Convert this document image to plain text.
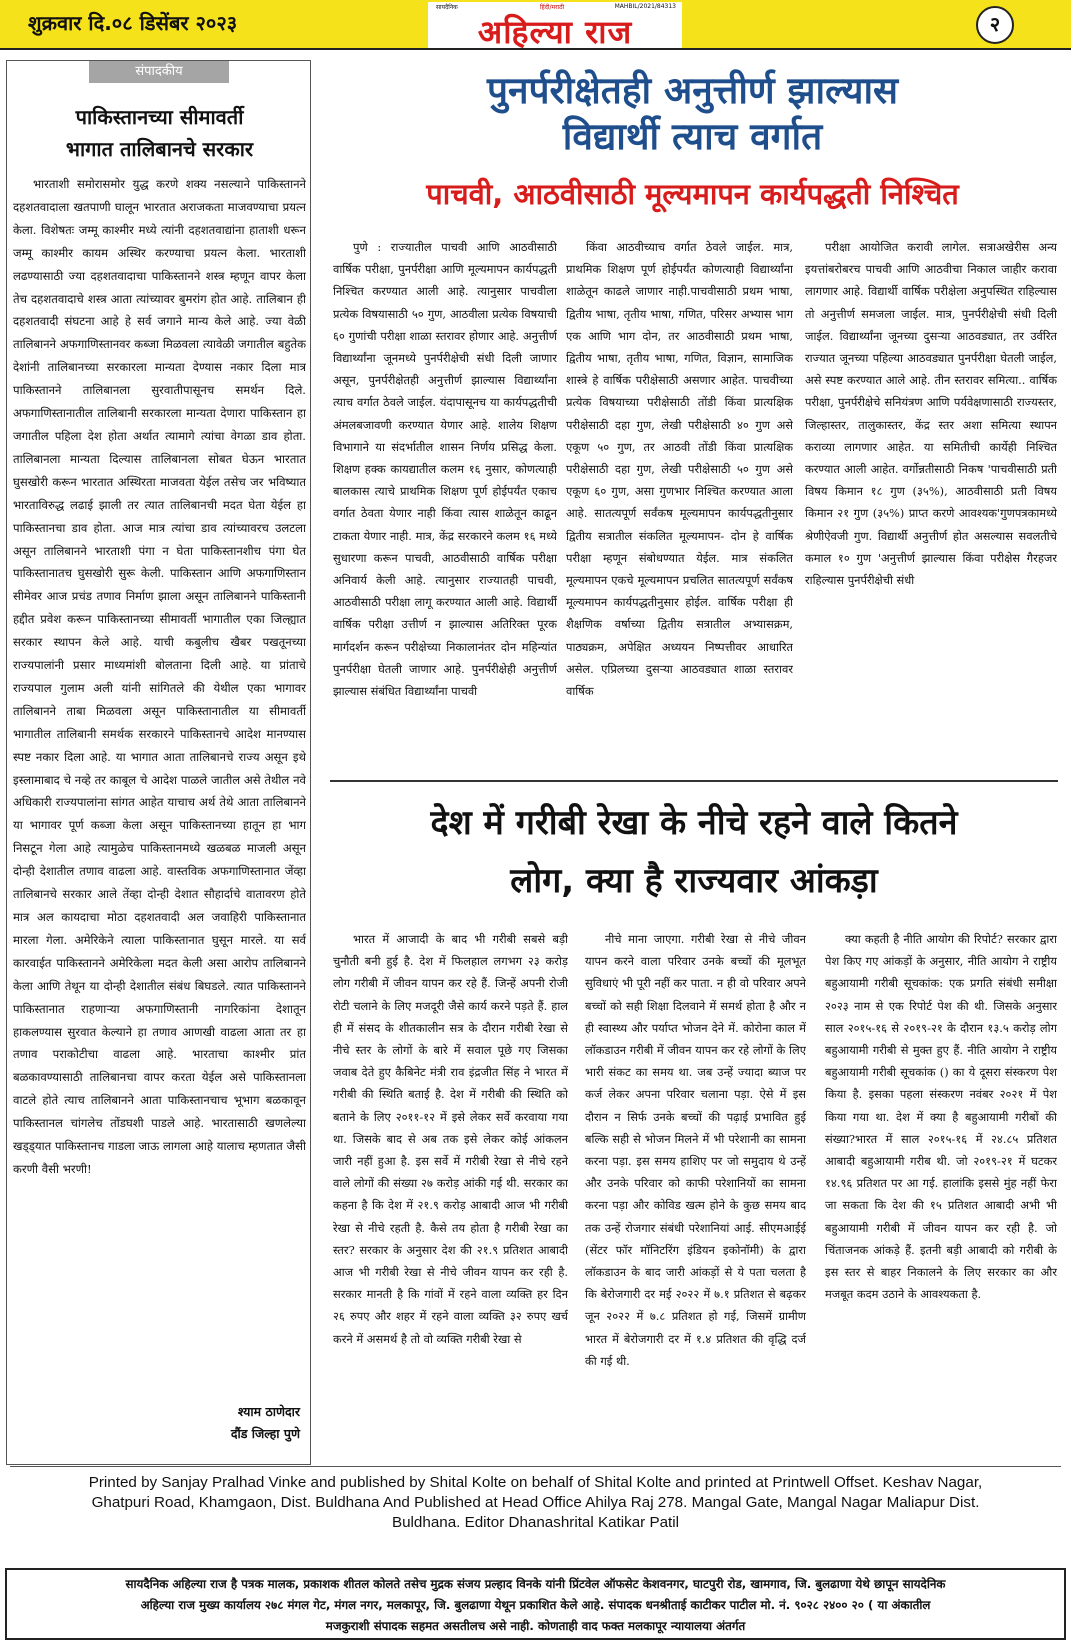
शुक्रवार दि.०८ डिसेंबर २०२३
सायदैनिक	हिंदी/मराठी	MAHBIL/2021/84313
अहिल्या राज	२
संपादकीय
पाकिस्तानच्या सीमावर्ती
भागात तालिबानचे सरकार

भारताशी समोरासमोर युद्ध करणे शक्य नसल्याने पाकिस्तानने दहशतवादाला खतपाणी घालून भारतात अराजकता माजवण्याचा प्रयत्न केला. विशेषतः जम्मू काश्मीर मध्ये त्यांनी दहशतवाद्यांना हाताशी धरून जम्मू काश्मीर कायम अस्थिर करण्याचा प्रयत्न केला. भारताशी लढण्यासाठी ज्या दहशतवादाचा पाकिस्तानने शस्त्र म्हणून वापर केला तेच दहशतवादाचे शस्त्र आता त्यांच्यावर बुमरांग होत आहे. तालिबान ही दहशतवादी संघटना आहे हे सर्व जगाने मान्य केले आहे. ज्या वेळी तालिबानने अफगाणिस्तानवर कब्जा मिळवला त्यावेळी जगातील बहुतेक देशांनी तालिबानच्या सरकारला मान्यता देण्यास नकार दिला मात्र पाकिस्तानने तालिबानला सुरवातीपासूनच समर्थन दिले. अफगाणिस्तानातील तालिबानी सरकारला मान्यता देणारा पाकिस्तान हा जगातील पहिला देश होता अर्थात त्यामागे त्यांचा वेगळा डाव होता. तालिबानला मान्यता दिल्यास तालिबानला सोबत घेऊन भारतात घुसखोरी करून भारतात अस्थिरता माजवता येईल तसेच जर भविष्यात भारताविरुद्ध लढाई झाली तर त्यात तालिबानची मदत घेता येईल हा पाकिस्तानचा डाव होता. आज मात्र त्यांचा डाव त्यांच्यावरच उलटला असून तालिबानने भारताशी पंगा न घेता पाकिस्तानशीच पंगा घेत पाकिस्तानातच घुसखोरी सुरू केली. पाकिस्तान आणि अफगाणिस्तान सीमेवर आज प्रचंड तणाव निर्माण झाला असून तालिबानने पाकिस्तानी हद्दीत प्रवेश करून पाकिस्तानच्या सीमावर्ती भागातील एका जिल्ह्यात सरकार स्थापन केले आहे. याची कबुलीच खैबर पखतूनच्या राज्यपालांनी प्रसार माध्यमांशी बोलताना दिली आहे. या प्रांताचे राज्यपाल गुलाम अली यांनी सांगितले की येथील एका भागावर तालिबानने ताबा मिळवला असून पाकिस्तानातील या सीमावर्ती भागातील तालिबानी समर्थक सरकारने पाकिस्तानचे आदेश मानण्यास स्पष्ट नकार दिला आहे. या भागात आता तालिबानचे राज्य असून इथे इस्लामाबाद चे नव्हे तर काबूल चे आदेश पाळले जातील असे तेथील नवे अधिकारी राज्यपालांना सांगत आहेत याचाच अर्थ तेथे आता तालिबानने या भागावर पूर्ण कब्जा केला असून पाकिस्तानच्या हातून हा भाग निसटून गेला आहे त्यामुळेच पाकिस्तानमध्ये खळबळ माजली असून दोन्ही देशातील तणाव वाढला आहे. वास्तविक अफगाणिस्तानात जेंव्हा तालिबानचे सरकार आले तेंव्हा दोन्ही देशात सौहार्दाचे वातावरण होते मात्र अल कायदाचा मोठा दहशतवादी अल जवाहिरी पाकिस्तानात मारला गेला. अमेरिकेने त्याला पाकिस्तानात घुसून मारले. या सर्व कारवाईत पाकिस्तानने अमेरिकेला मदत केली असा आरोप तालिबानने केला आणि तेथून या दोन्ही देशातील संबंध बिघडले. त्यात पाकिस्तानने पाकिस्तानात राहणाऱ्या अफगाणिस्तानी नागरिकांना देशातून हाकलण्यास सुरवात केल्याने हा तणाव आणखी वाढला आता तर हा तणाव पराकोटीचा वाढला आहे. भारताचा काश्मीर प्रांत बळकावण्यासाठी तालिबानचा वापर करता येईल असे पाकिस्तानला वाटले होते त्याच तालिबानने आता पाकिस्तानचाच भूभाग बळकावून पाकिस्तानल चांगलेच तोंडघशी पाडले आहे. भारतासाठी खणलेल्या खड्ड्यात पाकिस्तानच गाडला जाऊ लागला आहे यालाच म्हणतात जैसी करणी वैसी भरणी!

श्याम ठाणेदार
दौंड जिल्हा पुणे
पुनर्परीक्षेतही अनुत्तीर्ण झाल्यास
विद्यार्थी त्याच वर्गात
पाचवी, आठवीसाठी मूल्यमापन कार्यपद्धती निश्चित

पुणे : राज्यातील पाचवी आणि आठवीसाठी वार्षिक परीक्षा, पुनर्परीक्षा आणि मूल्यमापन कार्यपद्धती निश्चित करण्यात आली आहे. त्यानुसार पाचवीला प्रत्येक विषयासाठी ५० गुण, आठवीला प्रत्येक विषयाची ६० गुणांची परीक्षा शाळा स्तरावर होणार आहे. अनुत्तीर्ण विद्यार्थ्यांना जूनमध्ये पुनर्परीक्षेची संधी दिली जाणार असून, पुनर्परीक्षेतही अनुत्तीर्ण झाल्यास विद्यार्थ्यांना त्याच वर्गात ठेवले जाईल. यंदापासूनच या कार्यपद्धतीची अंमलबजावणी करण्यात येणार आहे. शालेय शिक्षण विभागाने या संदर्भातील शासन निर्णय प्रसिद्ध केला. शिक्षण हक्क कायद्यातील कलम १६ नुसार, कोणत्याही बालकास त्याचे प्राथमिक शिक्षण पूर्ण होईपर्यंत एकाच वर्गात ठेवता येणार नाही किंवा त्यास शाळेतून काढून टाकता येणार नाही. मात्र, केंद्र सरकारने कलम १६ मध्ये सुधारणा करून पाचवी, आठवीसाठी वार्षिक परीक्षा अनिवार्य केली आहे. त्यानुसार राज्यातही पाचवी, आठवीसाठी परीक्षा लागू करण्यात आली आहे. विद्यार्थी वार्षिक परीक्षा उत्तीर्ण न झाल्यास अतिरिक्त पूरक मार्गदर्शन करून परीक्षेच्या निकालानंतर दोन महिन्यांत पुनर्परीक्षा घेतली जाणार आहे. पुनर्परीक्षेही अनुत्तीर्ण झाल्यास संबंधित विद्यार्थ्यांना पाचवी

किंवा आठवीच्याच वर्गात ठेवले जाईल. मात्र, प्राथमिक शिक्षण पूर्ण होईपर्यंत कोणत्याही विद्यार्थ्यांना शाळेतून काढले जाणार नाही.पाचवीसाठी प्रथम भाषा, द्वितीय भाषा, तृतीय भाषा, गणित, परिसर अभ्यास भाग एक आणि भाग दोन, तर आठवीसाठी प्रथम भाषा, द्वितीय भाषा, तृतीय भाषा, गणित, विज्ञान, सामाजिक शास्त्रे हे वार्षिक परीक्षेसाठी असणार आहेत. पाचवीच्या प्रत्येक विषयाच्या परीक्षेसाठी तोंडी किंवा प्रात्यक्षिक परीक्षेसाठी दहा गुण, लेखी परीक्षेसाठी ४० गुण असे एकूण ५० गुण, तर आठवी तोंडी किंवा प्रात्यक्षिक परीक्षेसाठी दहा गुण, लेखी परीक्षेसाठी ५० गुण असे एकूण ६० गुण, असा गुणभार निश्चित करण्यात आला आहे. सातत्यपूर्ण सर्वंकष मूल्यमापन कार्यपद्धतीनुसार द्वितीय सत्रातील संकलित मूल्यमापन- दोन हे वार्षिक परीक्षा म्हणून संबोधण्यात येईल. मात्र संकलित मूल्यमापन एकचे मूल्यमापन प्रचलित सातत्यपूर्ण सर्वंकष मूल्यमापन कार्यपद्धतीनुसार होईल. वार्षिक परीक्षा ही शैक्षणिक वर्षाच्या द्वितीय सत्रातील अभ्यासक्रम, पाठ्यक्रम, अपेक्षित अध्ययन निष्पत्तीवर आधारित असेल. एप्रिलच्या दुसऱ्या आठवड्यात शाळा स्तरावर वार्षिक

परीक्षा आयोजित करावी लागेल. सत्राअखेरीस अन्य इयत्तांबरोबरच पाचवी आणि आठवीचा निकाल जाहीर करावा लागणार आहे. विद्यार्थी वार्षिक परीक्षेला अनुपस्थित राहिल्यास तो अनुत्तीर्ण समजला जाईल. मात्र, पुनर्परीक्षेची संधी दिली जाईल. विद्यार्थ्यांना जूनच्या दुसऱ्या आठवड्यात, तर उर्वरित राज्यात जूनच्या पहिल्या आठवड्यात पुनर्परीक्षा घेतली जाईल, असे स्पष्ट करण्यात आले आहे. तीन स्तरावर समित्या.. वार्षिक परीक्षा, पुनर्परीक्षेचे सनियंत्रण आणि पर्यवेक्षणासाठी राज्यस्तर, जिल्हास्तर, तालुकास्तर, केंद्र स्तर अशा समित्या स्थापन कराव्या लागणार आहेत. या समितीची कार्येही निश्चित करण्यात आली आहेत. वर्गोन्नतीसाठी निकष 'पाचवीसाठी प्रती विषय किमान १८ गुण (३५%), आठवीसाठी प्रती विषय किमान २१ गुण (३५%) प्राप्त करणे आवश्यक'गुणपत्रकामध्ये श्रेणीऐवजी गुण. विद्यार्थी अनुत्तीर्ण होत असल्यास सवलतीचे कमाल १० गुण 'अनुत्तीर्ण झाल्यास किंवा परीक्षेस गैरहजर राहिल्यास पुनर्परीक्षेची संधी

देश में गरीबी रेखा के नीचे रहने वाले कितने
लोग, क्या है राज्यवार आंकड़ा

भारत में आजादी के बाद भी गरीबी सबसे बड़ी चुनौती बनी हुई है. देश में फिलहाल लगभग २३ करोड़ लोग गरीबी में जीवन यापन कर रहे हैं. जिन्हें अपनी रोजी रोटी चलाने के लिए मजदूरी जैसे कार्य करने पड़ते हैं. हाल ही में संसद के शीतकालीन सत्र के दौरान गरीबी रेखा से नीचे स्तर के लोगों के बारे में सवाल पूछे गए जिसका जवाब देते हुए कैबिनेट मंत्री राव इंद्रजीत सिंह ने भारत में गरीबी की स्थिति बताई है. देश में गरीबी की स्थिति को बताने के लिए २०११-१२ में इसे लेकर सर्वे करवाया गया था. जिसके बाद से अब तक इसे लेकर कोई आंकलन जारी नहीं हुआ है. इस सर्वे में गरीबी रेखा से नीचे रहने वाले लोगों की संख्या २७ करोड़ आंकी गई थी. सरकार का कहना है कि देश में २१.९ करोड़ आबादी आज भी गरीबी रेखा से नीचे रहती है. कैसे तय होता है गरीबी रेखा का स्तर? सरकार के अनुसार देश की २१.९ प्रतिशत आबादी आज भी गरीबी रेखा से नीचे जीवन यापन कर रही है. सरकार मानती है कि गांवों में रहने वाला व्यक्ति हर दिन २६ रुपए और शहर में रहने वाला व्यक्ति ३२ रुपए खर्च करने में असमर्थ है तो वो व्यक्ति गरीबी रेखा से

नीचे माना जाएगा. गरीबी रेखा से नीचे जीवन यापन करने वाला परिवार उनके बच्चों की मूलभूत सुविधाएं भी पूरी नहीं कर पाता. न ही वो परिवार अपने बच्चों को सही शिक्षा दिलवाने में समर्थ होता है और न ही स्वास्थ्य और पर्याप्त भोजन देने में. कोरोना काल में लॉकडाउन गरीबी में जीवन यापन कर रहे लोगों के लिए भारी संकट का समय था. जब उन्हें ज्यादा ब्याज पर कर्ज लेकर अपना परिवार चलाना पड़ा. ऐसे में इस दौरान न सिर्फ उनके बच्चों की पढ़ाई प्रभावित हुई बल्कि सही से भोजन मिलने में भी परेशानी का सामना करना पड़ा. इस समय हाशिए पर जो समुदाय थे उन्हें और उनके परिवार को काफी परेशानियों का सामना करना पड़ा और कोविड खत्म होने के कुछ समय बाद तक उन्हें रोजगार संबंधी परेशानियां आई. सीएमआईई (सेंटर फॉर मॉनिटरिंग इंडियन इकोनॉमी) के द्वारा लॉकडाउन के बाद जारी आंकड़ों से ये पता चलता है कि बेरोजगारी दर मई २०२२ में ७.१ प्रतिशत से बढ़कर जून २०२२ में ७.८ प्रतिशत हो गई, जिसमें ग्रामीण भारत में बेरोजगारी दर में १.४ प्रतिशत की वृद्धि दर्ज की गई थी.

क्या कहती है नीति आयोग की रिपोर्ट? सरकार द्वारा पेश किए गए आंकड़ों के अनुसार, नीति आयोग ने राष्ट्रीय बहुआयामी गरीबी सूचकांक: एक प्रगति संबंधी समीक्षा २०२३ नाम से एक रिपोर्ट पेश की थी. जिसके अनुसार साल २०१५-१६ से २०१९-२१ के दौरान १३.५ करोड़ लोग बहुआयामी गरीबी से मुक्त हुए हैं. नीति आयोग ने राष्ट्रीय बहुआयामी गरीबी सूचकांक () का ये दूसरा संस्करण पेश किया है. इसका पहला संस्करण नवंबर २०२१ में पेश किया गया था. देश में क्या है बहुआयामी गरीबों की संख्या?भारत में साल २०१५-१६ में २४.८५ प्रतिशत आबादी बहुआयामी गरीब थी. जो २०१९-२१ में घटकर १४.९६ प्रतिशत पर आ गई. हालांकि इससे मुंह नहीं फेरा जा सकता कि देश की १५ प्रतिशत आबादी अभी भी बहुआयामी गरीबी में जीवन यापन कर रही है. जो चिंताजनक आंकड़े हैं. इतनी बड़ी आबादी को गरीबी के इस स्तर से बाहर निकालने के लिए सरकार का और मजबूत कदम उठाने के आवश्यकता है.

Printed by Sanjay Pralhad Vinke and published by Shital Kolte on behalf of Shital Kolte and printed at Printwell Offset. Keshav Nagar,
Ghatpuri Road, Khamgaon, Dist. Buldhana And Published at Head Office Ahilya Raj 278. Mangal Gate, Mangal Nagar Maliapur Dist.
Buldhana. Editor Dhanashrital Katikar Patil
सायदैनिक अहिल्या राज है पत्रक मालक, प्रकाशक शीतल कोलते तसेच मुद्रक संजय प्रल्हाद विनके यांनी प्रिंटवेल ऑफसेट केशवनगर, घाटपुरी रोड, खामगाव, जि. बुलढाणा येथे छापून सायदेनिक
अहिल्या राज मुख्य कार्यालय २७८ मंगल गेट, मंगल नगर, मलकापूर, जि. बुलढाणा येथून प्रकाशित केले आहे. संपादक धनश्रीताई काटीकर पाटील मो. नं. ९०२८ २४०० २० ( या अंकातील
मजकुराशी संपादक सहमत असतीलच असे नाही. कोणताही वाद फक्त मलकापूर न्यायालया अंतर्गत
